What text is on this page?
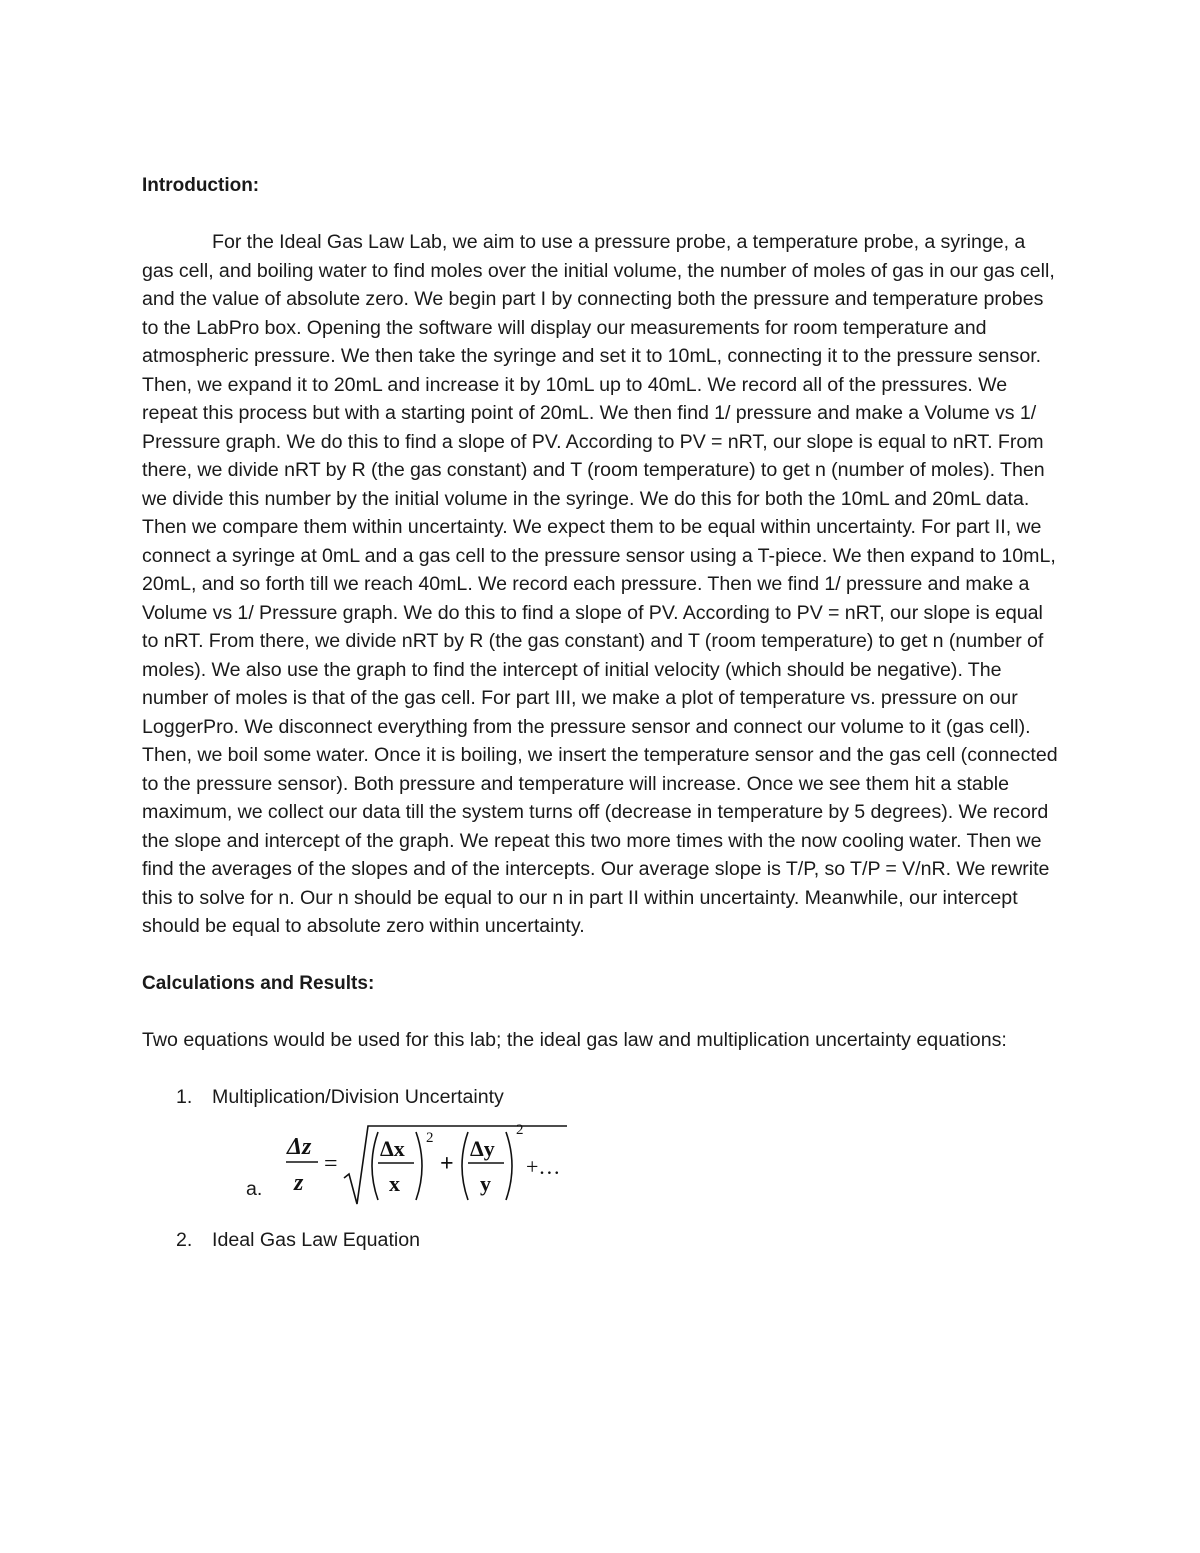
Introduction:

For the Ideal Gas Law Lab, we aim to use a pressure probe, a temperature probe, a syringe, a gas cell, and boiling water to find moles over the initial volume, the number of moles of gas in our gas cell, and the value of absolute zero. We begin part I by connecting both the pressure and temperature probes to the LabPro box. Opening the software will display our measurements for room temperature and atmospheric pressure. We then take the syringe and set it to 10mL, connecting it to the pressure sensor. Then, we expand it to 20mL and increase it by 10mL up to 40mL. We record all of the pressures. We repeat this process but with a starting point of 20mL. We then find 1/ pressure and make a Volume vs 1/ Pressure graph. We do this to find a slope of PV. According to PV = nRT, our slope is equal to nRT. From there, we divide nRT by R (the gas constant) and T (room temperature) to get n (number of moles). Then we divide this number by the initial volume in the syringe. We do this for both the 10mL and 20mL data. Then we compare them within uncertainty. We expect them to be equal within uncertainty. For part II, we connect a syringe at 0mL and a gas cell to the pressure sensor using a T-piece. We then expand to 10mL, 20mL, and so forth till we reach 40mL. We record each pressure. Then we find 1/ pressure and make a Volume vs 1/ Pressure graph. We do this to find a slope of PV. According to PV = nRT, our slope is equal to nRT. From there, we divide nRT by R (the gas constant) and T (room temperature) to get n (number of moles). We also use the graph to find the intercept of initial velocity (which should be negative). The number of moles is that of the gas cell. For part III, we make a plot of temperature vs. pressure on our LoggerPro. We disconnect everything from the pressure sensor and connect our volume to it (gas cell). Then, we boil some water. Once it is boiling, we insert the temperature sensor and the gas cell (connected to the pressure sensor). Both pressure and temperature will increase. Once we see them hit a stable maximum, we collect our data till the system turns off (decrease in temperature by 5 degrees). We record the slope and intercept of the graph. We repeat this two more times with the now cooling water. Then we find the averages of the slopes and of the intercepts. Our average slope is T/P, so T/P = V/nR. We rewrite this to solve for n. Our n should be equal to our n in part II within uncertainty. Meanwhile, our intercept should be equal to absolute zero within uncertainty.

Calculations and Results:

Two equations would be used for this lab; the ideal gas law and multiplication uncertainty equations:

1. Multiplication/Division Uncertainty
a.
Δz
z
=
Δx
x
2
+
Δy
y
2
+…
2. Ideal Gas Law Equation
